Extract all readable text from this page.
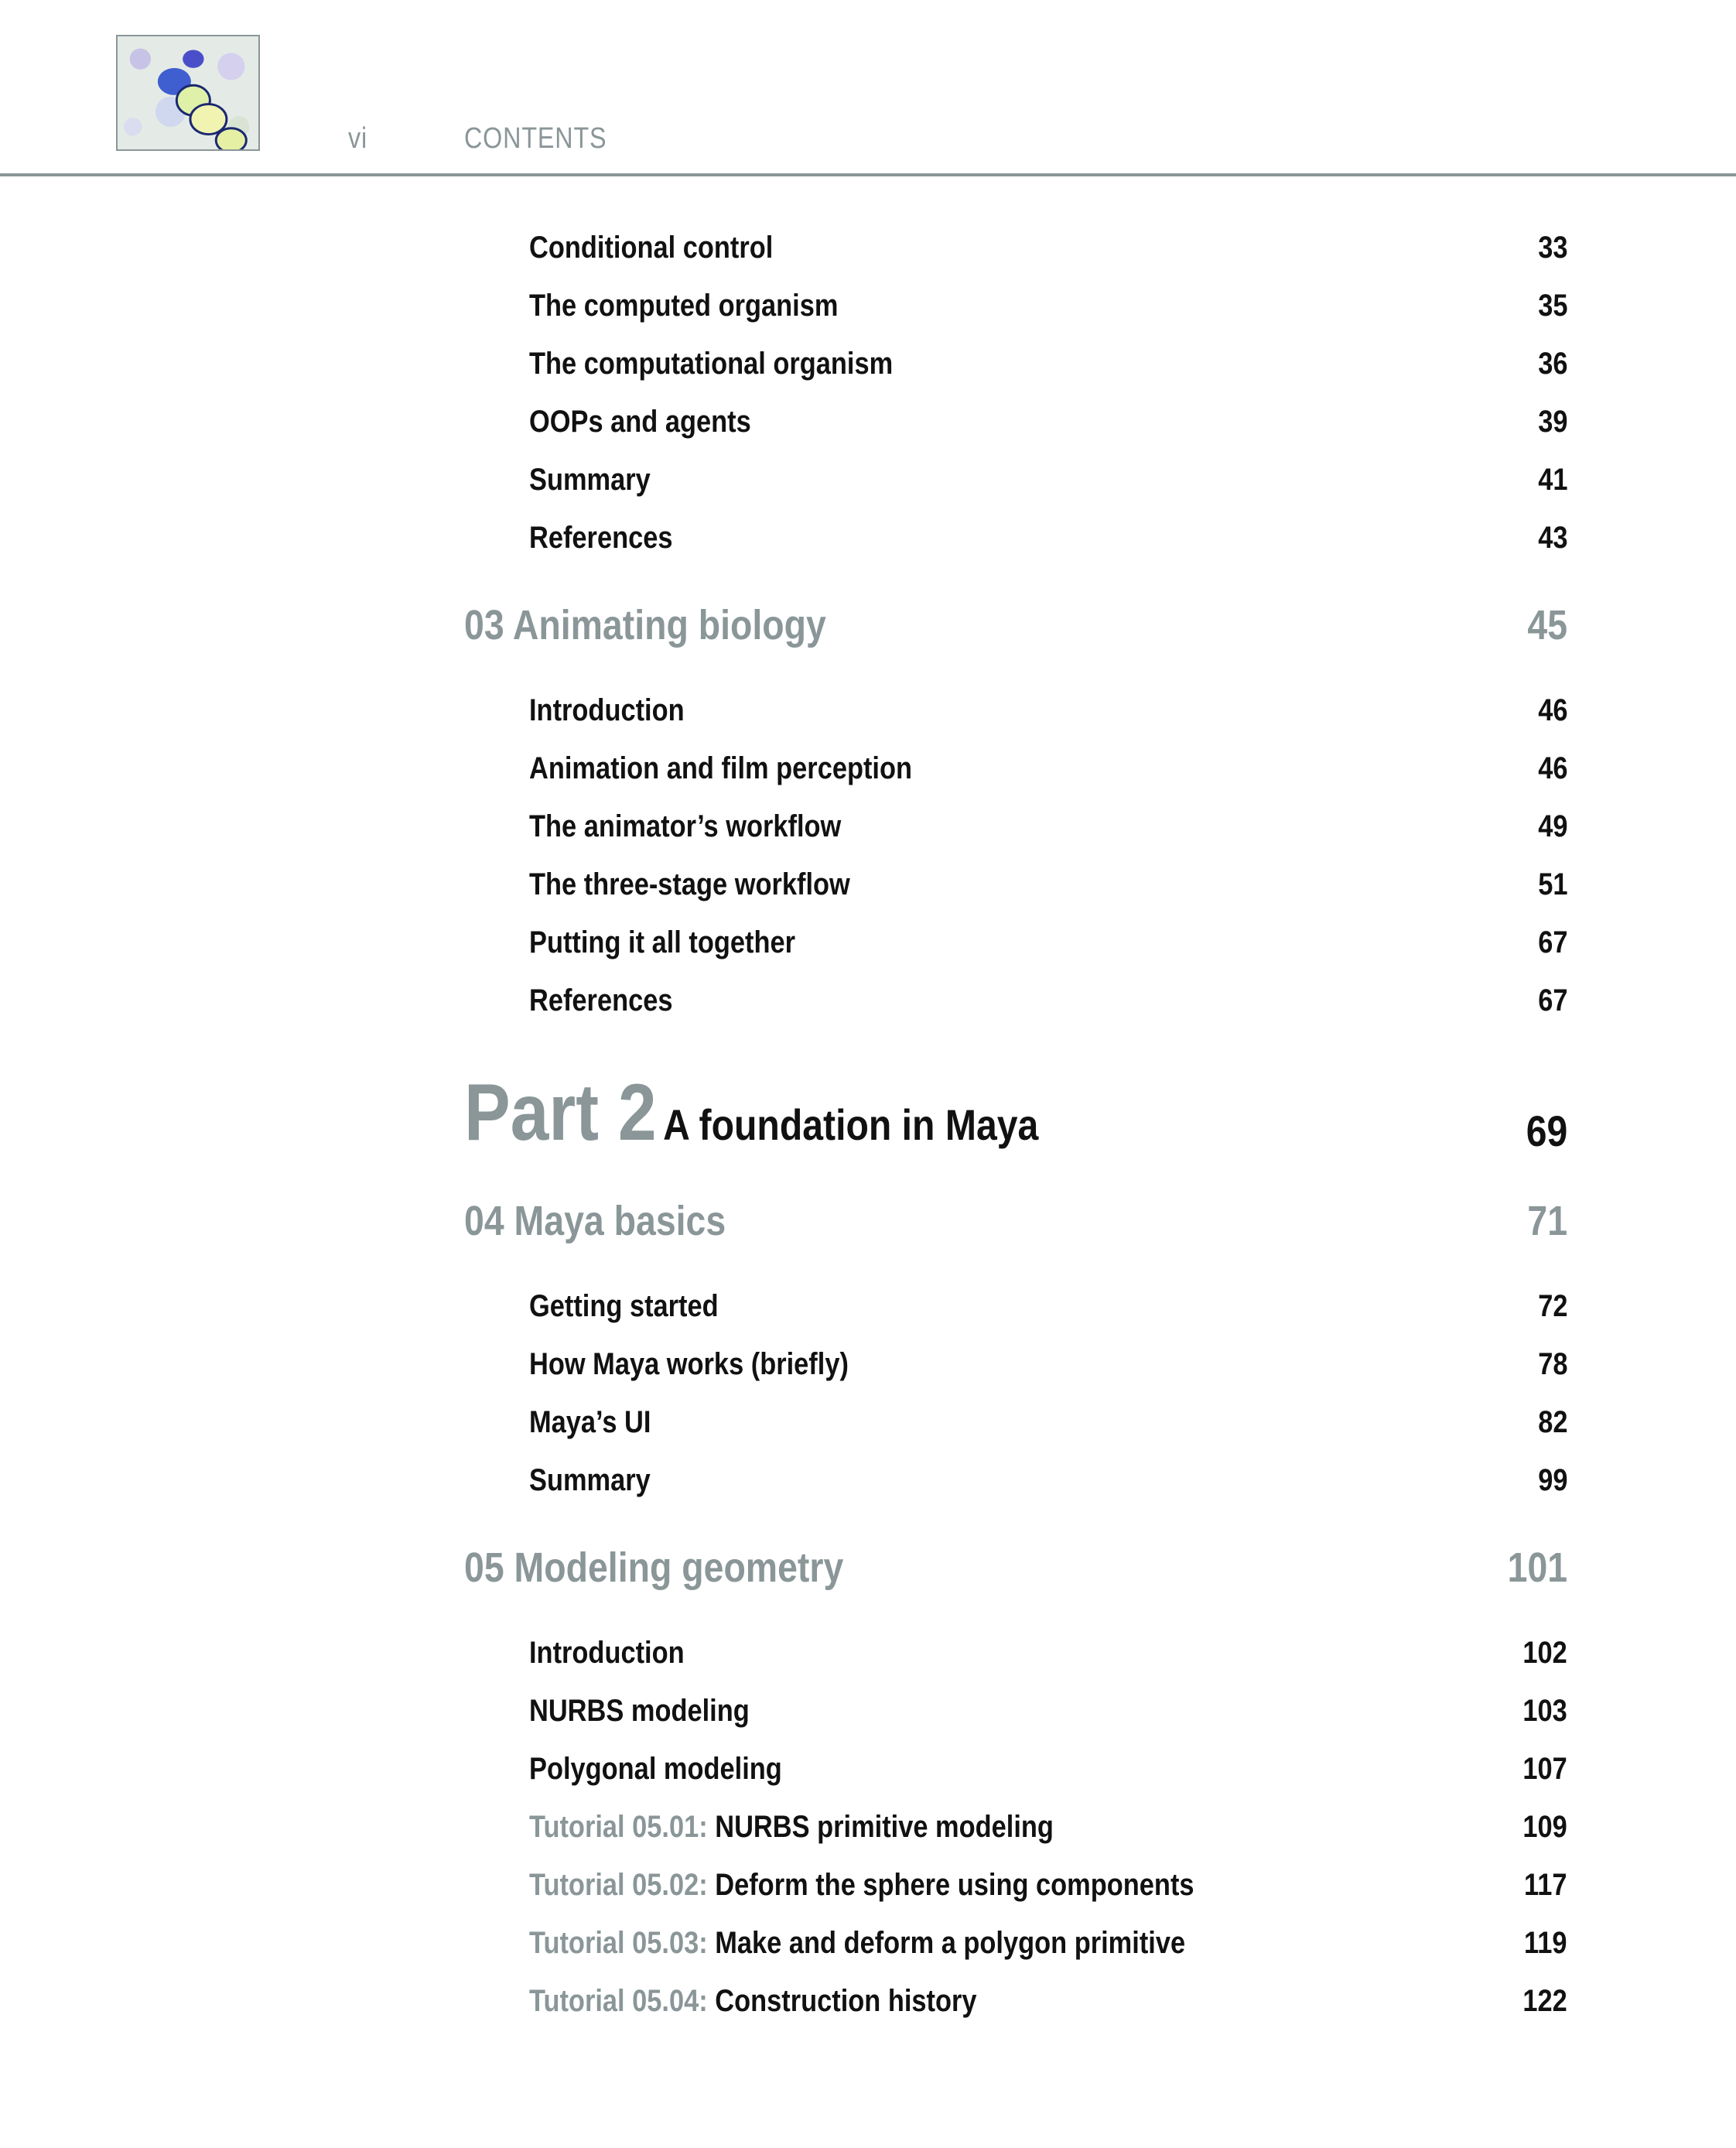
vi	CONTENTS
Conditional control	33
The computed organism	35
The computational organism	36
OOPs and agents	39
Summary	41
References	43
03 Animating biology	45
Introduction	46
Animation and film perception	46
The animator’s workflow	49
The three-stage workflow	51
Putting it all together	67
References	67
Part 2 A foundation in Maya	69
04 Maya basics	71
Getting started	72
How Maya works (briefly)	78
Maya’s UI	82
Summary	99
05 Modeling geometry	101
Introduction	102
NURBS modeling	103
Polygonal modeling	107
Tutorial 05.01: NURBS primitive modeling	109
Tutorial 05.02: Deform the sphere using components	117
Tutorial 05.03: Make and deform a polygon primitive	119
Tutorial 05.04: Construction history	122
